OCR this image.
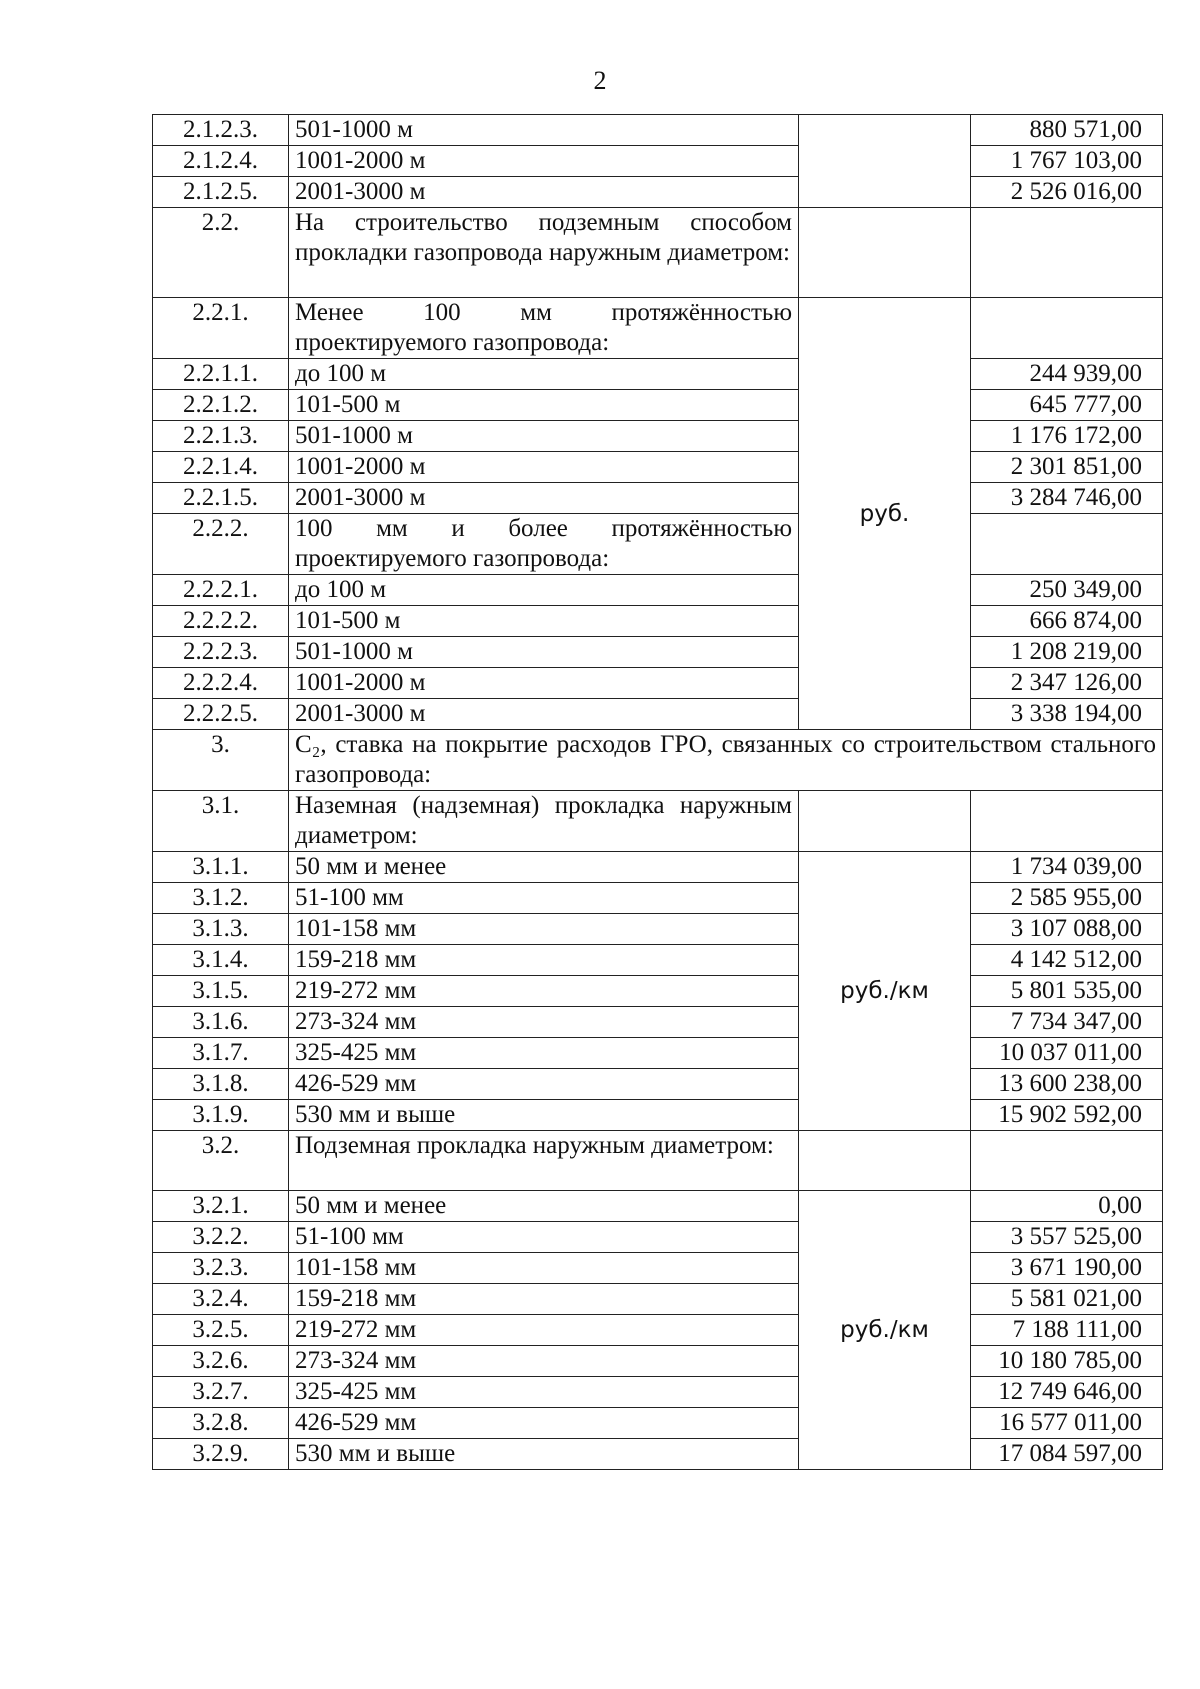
2
2.1.2.3.	501-1000 м		880 571,00
2.1.2.4.	1001-2000 м		1 767 103,00
2.1.2.5.	2001-3000 м		2 526 016,00
2.2.	На строительство подземным способом прокладки газопровода наружным диаметром:		
2.2.1.	Менее 100 мм протяжённостью проектируемого газопровода:	руб.	
2.2.1.1.	до 100 м		244 939,00
2.2.1.2.	101-500 м		645 777,00
2.2.1.3.	501-1000 м		1 176 172,00
2.2.1.4.	1001-2000 м		2 301 851,00
2.2.1.5.	2001-3000 м		3 284 746,00
2.2.2.	100 мм и более протяжённостью проектируемого газопровода:		
2.2.2.1.	до 100 м		250 349,00
2.2.2.2.	101-500 м		666 874,00
2.2.2.3.	501-1000 м		1 208 219,00
2.2.2.4.	1001-2000 м		2 347 126,00
2.2.2.5.	2001-3000 м		3 338 194,00
3.	C₂, ставка на покрытие расходов ГРО, связанных со строительством стального газопровода:		
3.1.	Наземная (надземная) прокладка наружным диаметром:		
3.1.1.	50 мм и менее	руб./км	1 734 039,00
3.1.2.	51-100 мм		2 585 955,00
3.1.3.	101-158 мм		3 107 088,00
3.1.4.	159-218 мм		4 142 512,00
3.1.5.	219-272 мм		5 801 535,00
3.1.6.	273-324 мм		7 734 347,00
3.1.7.	325-425 мм		10 037 011,00
3.1.8.	426-529 мм		13 600 238,00
3.1.9.	530 мм и выше		15 902 592,00
3.2.	Подземная прокладка наружным диаметром:		
3.2.1.	50 мм и менее	руб./км	0,00
3.2.2.	51-100 мм		3 557 525,00
3.2.3.	101-158 мм		3 671 190,00
3.2.4.	159-218 мм		5 581 021,00
3.2.5.	219-272 мм		7 188 111,00
3.2.6.	273-324 мм		10 180 785,00
3.2.7.	325-425 мм		12 749 646,00
3.2.8.	426-529 мм		16 577 011,00
3.2.9.	530 мм и выше		17 084 597,00
